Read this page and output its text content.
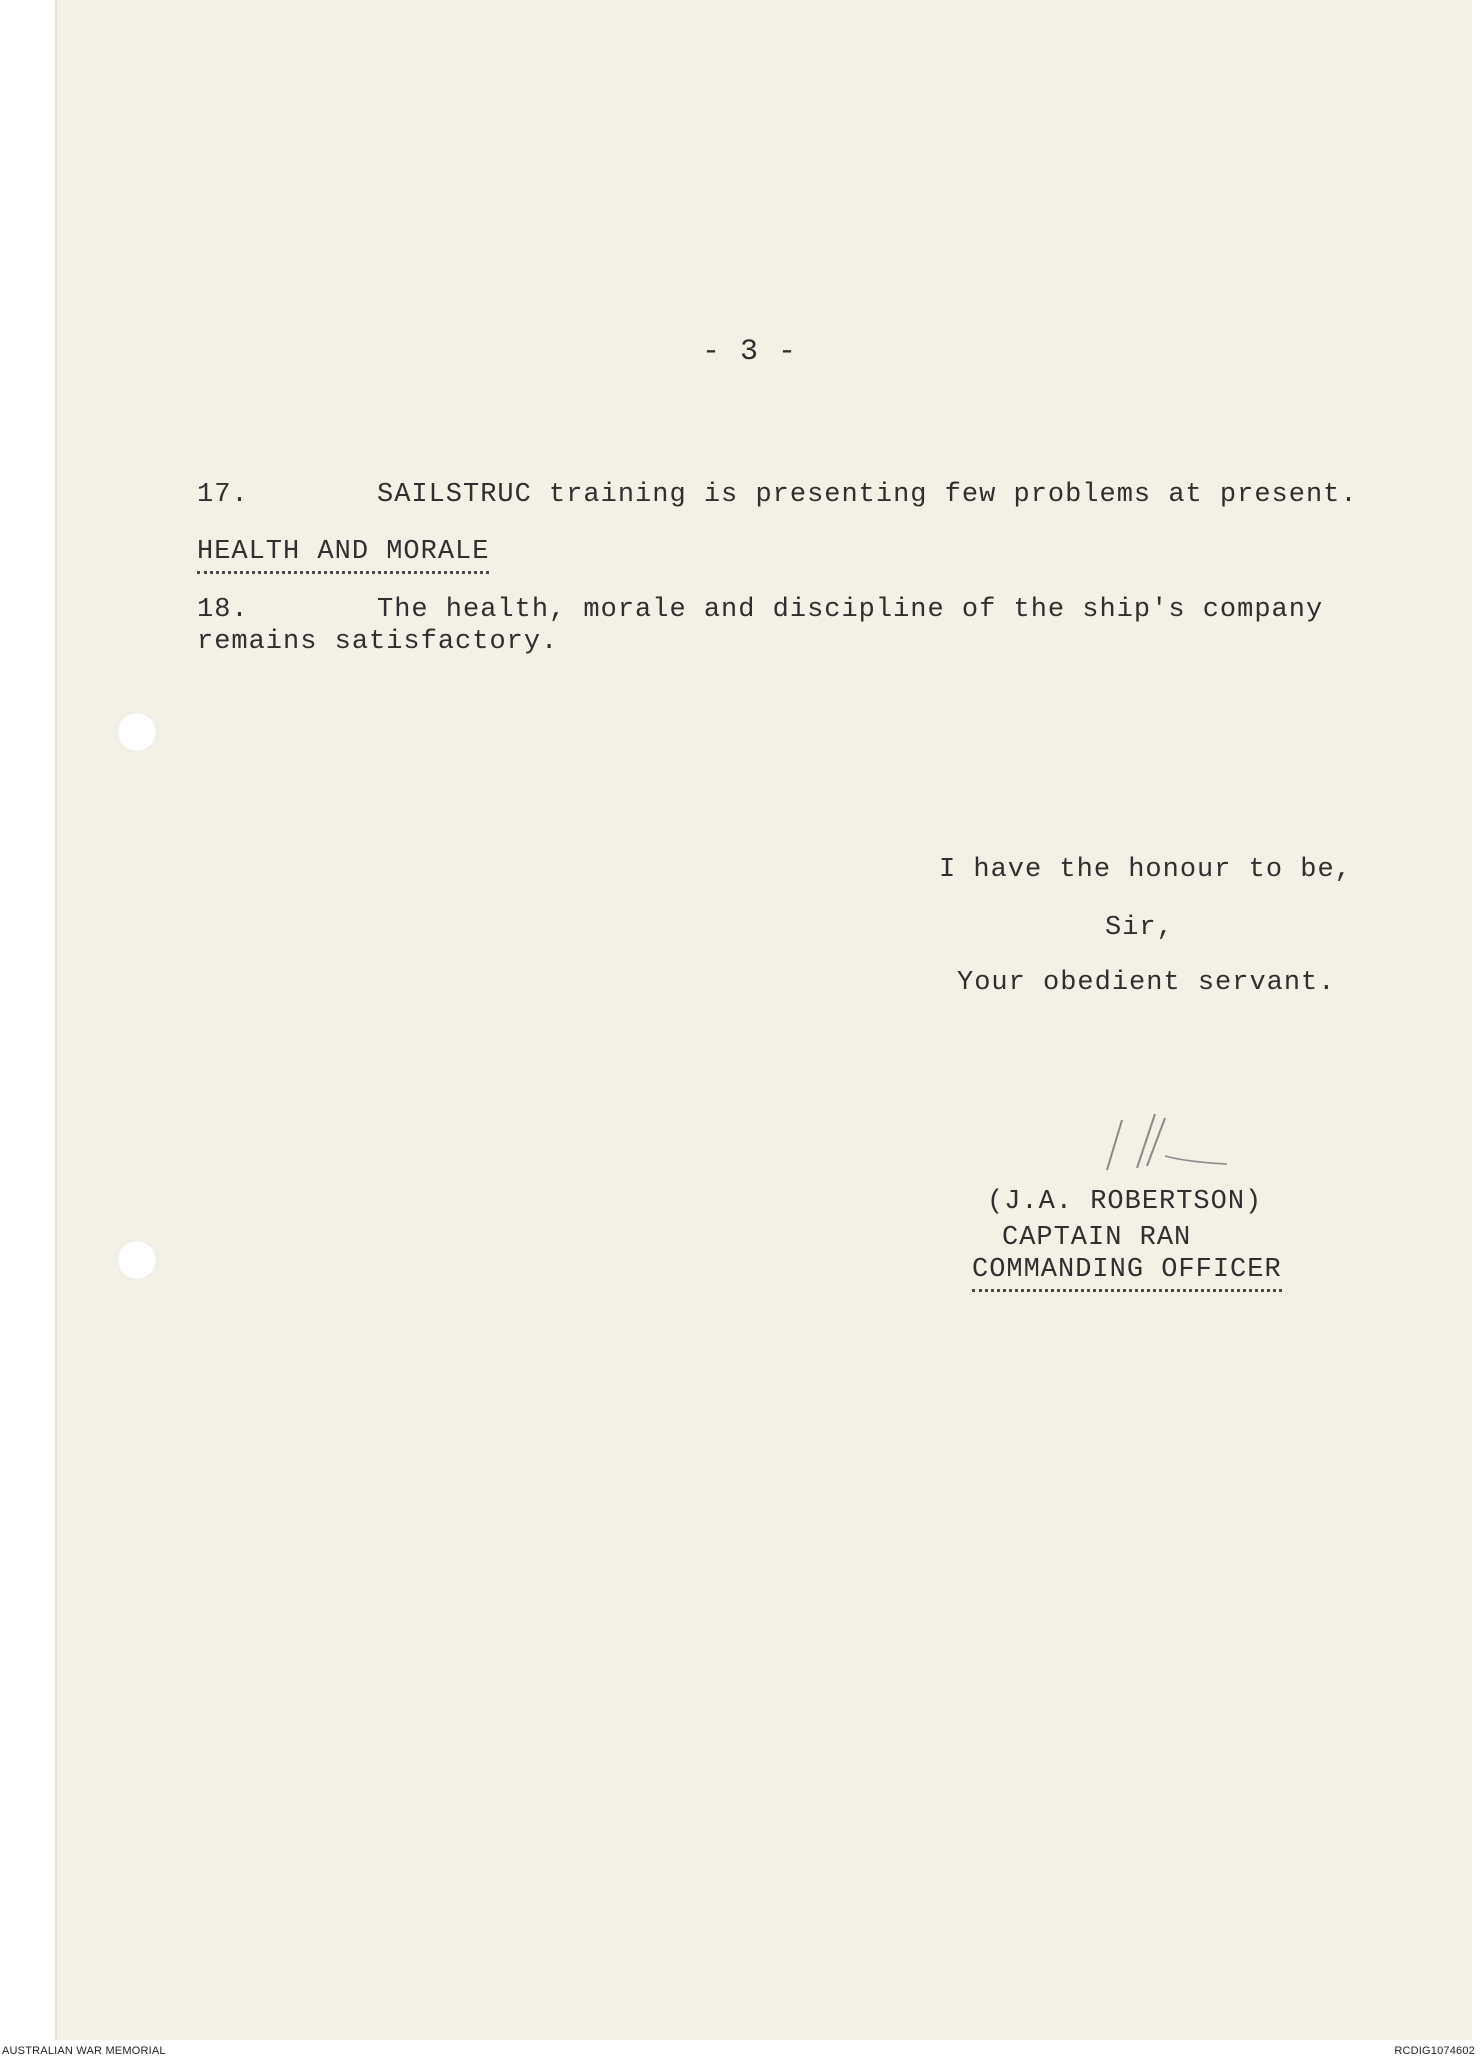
- 3 -
17.	SAILSTRUC training is presenting few problems at present.
HEALTH AND MORALE
18.	The health, morale and discipline of the ship's company
remains satisfactory.
I have the honour to be,
Sir,
Your obedient servant.
(J.A. ROBERTSON)
CAPTAIN RAN
COMMANDING OFFICER
AUSTRALIAN WAR MEMORIAL	RCDIG1074602
